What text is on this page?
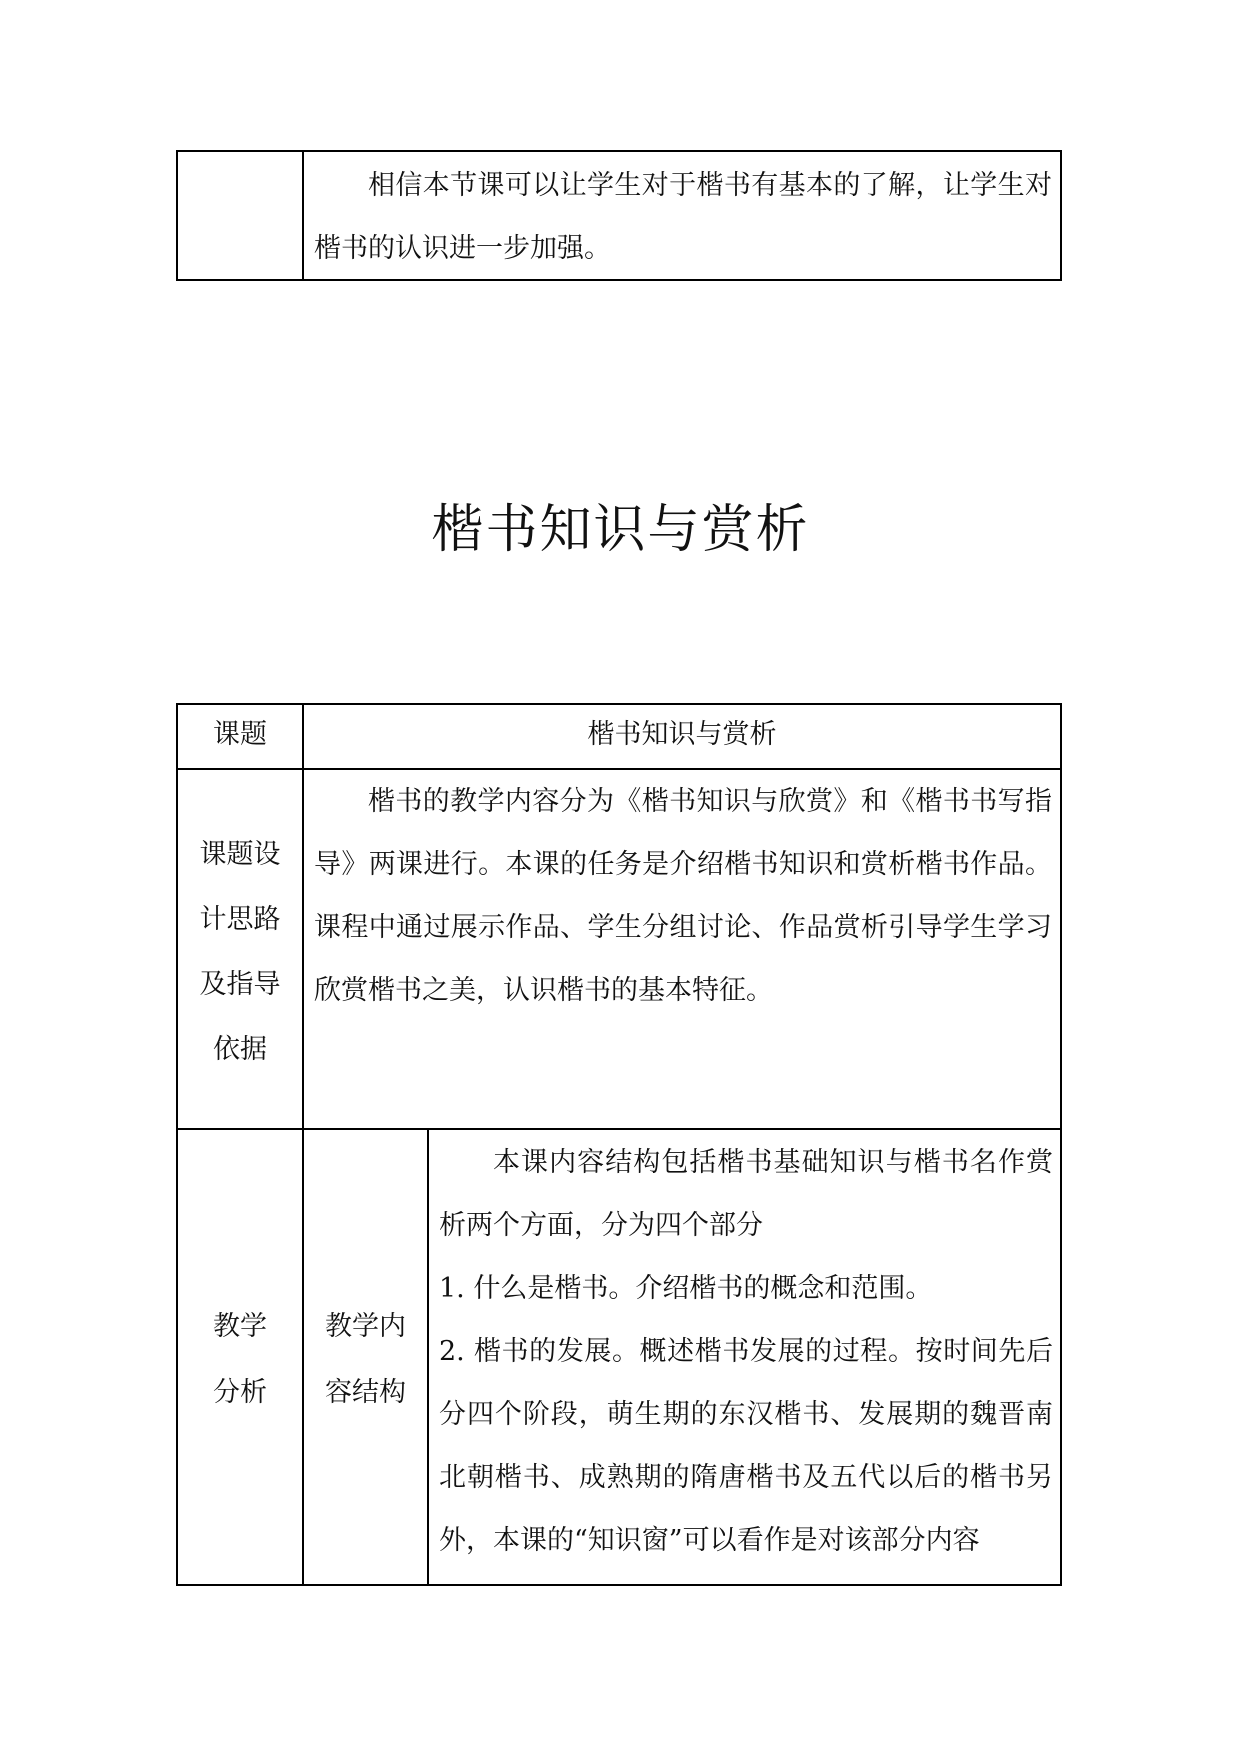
相信本节课可以让学生对于楷书有基本的了解，让学生对楷书的认识进一步加强。
楷书知识与赏析
课题	楷书知识与赏析
课题设
计思路
及指导
依据
楷书的教学内容分为《楷书知识与欣赏》和《楷书书写指导》两课进行。本课的任务是介绍楷书知识和赏析楷书作品。课程中通过展示作品、学生分组讨论、作品赏析引导学生学习欣赏楷书之美，认识楷书的基本特征。
教学
分析
教学内
容结构
本课内容结构包括楷书基础知识与楷书名作赏析两个方面，分为四个部分
1. 什么是楷书。介绍楷书的概念和范围。
2. 楷书的发展。概述楷书发展的过程。按时间先后分四个阶段，萌生期的东汉楷书、发展期的魏晋南北朝楷书、成熟期的隋唐楷书及五代以后的楷书另外，本课的“知识窗”可以看作是对该部分内容
